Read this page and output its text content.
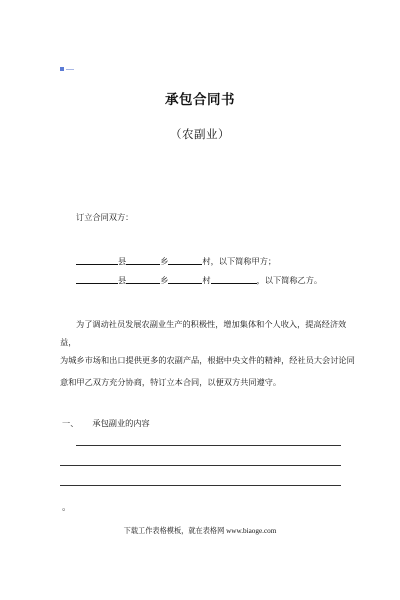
承包合同书
（农副业）
订立合同双方：
县	乡	村，以下简称甲方；
县	乡	村	，以下简称乙方。
为了调动社员发展农副业生产的积极性，增加集体和个人收入，提高经济效
益，
为城乡市场和出口提供更多的农副产品，根据中央文件的精神，经社员大会讨论同
意和甲乙双方充分协商，特订立本合同，以便双方共同遵守。
一、 承包副业的内容
。
下载工作表格模板，就在表格网 www.biaoge.com
